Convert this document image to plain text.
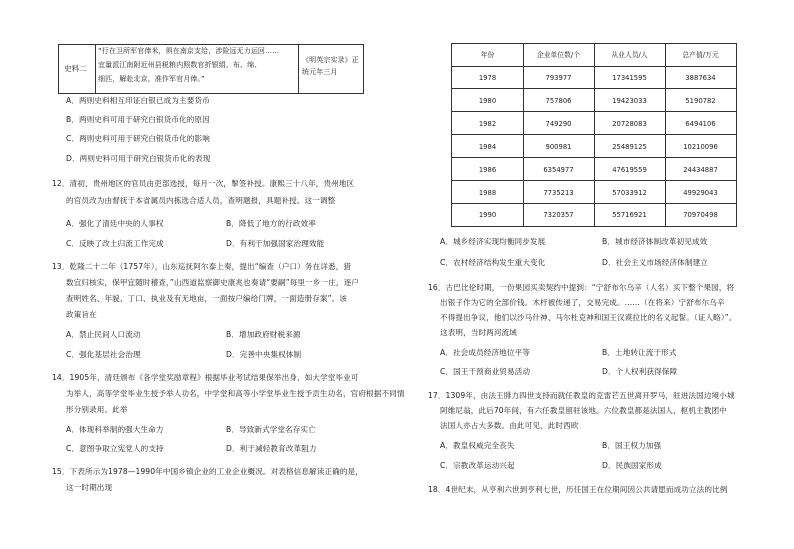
史料二
“行在卫所军官俸米，俱在南京支给，涉险远无力运回……
宜量派江南附近州县税粮内照数官折银绢、布、绵、
细匹，解赴北京，准作军官月俸。”
《明英宗实录》正
统元年三月
A．两则史料相互印证白银已成为主要货币
B．两则史料可用于研究白银货币化的原因
C．两则史料可用于研究白银货币化的影响
D．两则史料可用于研究白银货币化的表现
12．清初，贵州地区的官员由吏部选授，每月一次，掣签补授。康熙三十八年，贵州地区
的官员改为由督抚于本省属员内拣选合适人员，查明题报，具题补授。这一调整
A．强化了清廷中央的人事权	B．降低了地方的行政效率
C．反映了改土归流工作完成	D．有利于加强国家治理效能
13．乾隆二十二年（1757年），山东巡抚阿尔泰上奏，提出“编查（户口）务在详悉，猎
数宜归核实，保甲宜随时稽查，”山西道监察御史康兆也奏请“要嗣”每里一乡一庄，逐户
查明姓名、年貌、丁口、执业及有无地亩，一面按户编给门牌，一面造册存案”。该
政策旨在
A．禁止民间人口流动	B．增加政府财税来源
C．强化基层社会治理	D．完善中央集权体制
14．1905年，清廷颁布《各学堂奖励章程》根据毕业考试结果保举出身，如大学堂毕业可
为举人，高等学堂毕业生授予举人功名，中学堂和高等小学堂毕业生授予贡生功名，官府根据不同情
形分别录用。此举
A．体现科举制的强大生命力	B．导致新式学堂名存实亡
C．意图争取立宪党人的支持	D．利于减轻教育改革阻力
15．下表所示为1978—1990年中国乡镇企业的工业企业概况。对表格信息解读正确的是，
这一时期出现
年份	企业单位数/个	从业人员/人	总产值/万元
1978	793977	17341595	3887634
1980	757806	19423033	5190782
1982	749290	20728083	6494106
1984	900981	25489125	10210096
1986	6354977	47619559	24434887
1988	7735213	57033912	49929043
1990	7320357	55716921	70970498
A．城乡经济实现均衡同步发展	B．城市经济体制改革初见成效
C．农村经济结构发生重大变化	D．社会主义市场经济体制建立
16．古巴比伦时期，一份果园买卖契约中提到：“宁舒布尔乌辛（人名）买下整个果园，将
出银子作为它的全部价钱。木杆被传递了，交易完成。……（在将来）宁舒布尔乌辛
不得提出争议，他们以沙马什神、马尔杜克神和国王汉谟拉比的名义起誓。（证人略）”。
这表明，当时两河流域
A．社会成员经济地位平等	B．土地转让流于形式
C．国王干预商业贸易活动	D．个人权利获得保障
17．1309年，由法王腓力四世支持而就任教皇的克雷芒五世离开罗马，驻进法国边境小城
阿维尼翁，此后70年间，有六任教皇留驻该地。六位教皇都是法国人，枢机主教团中
法国人亦占大多数。由此可见，此时西欧
A．教皇权威完全丧失	B．国王权力加强
C．宗教改革运动兴起	D．民族国家形成
18．4世纪末，从亨利六世到亨利七世，历任国王在位期间因公共请愿而成功立法的比例
